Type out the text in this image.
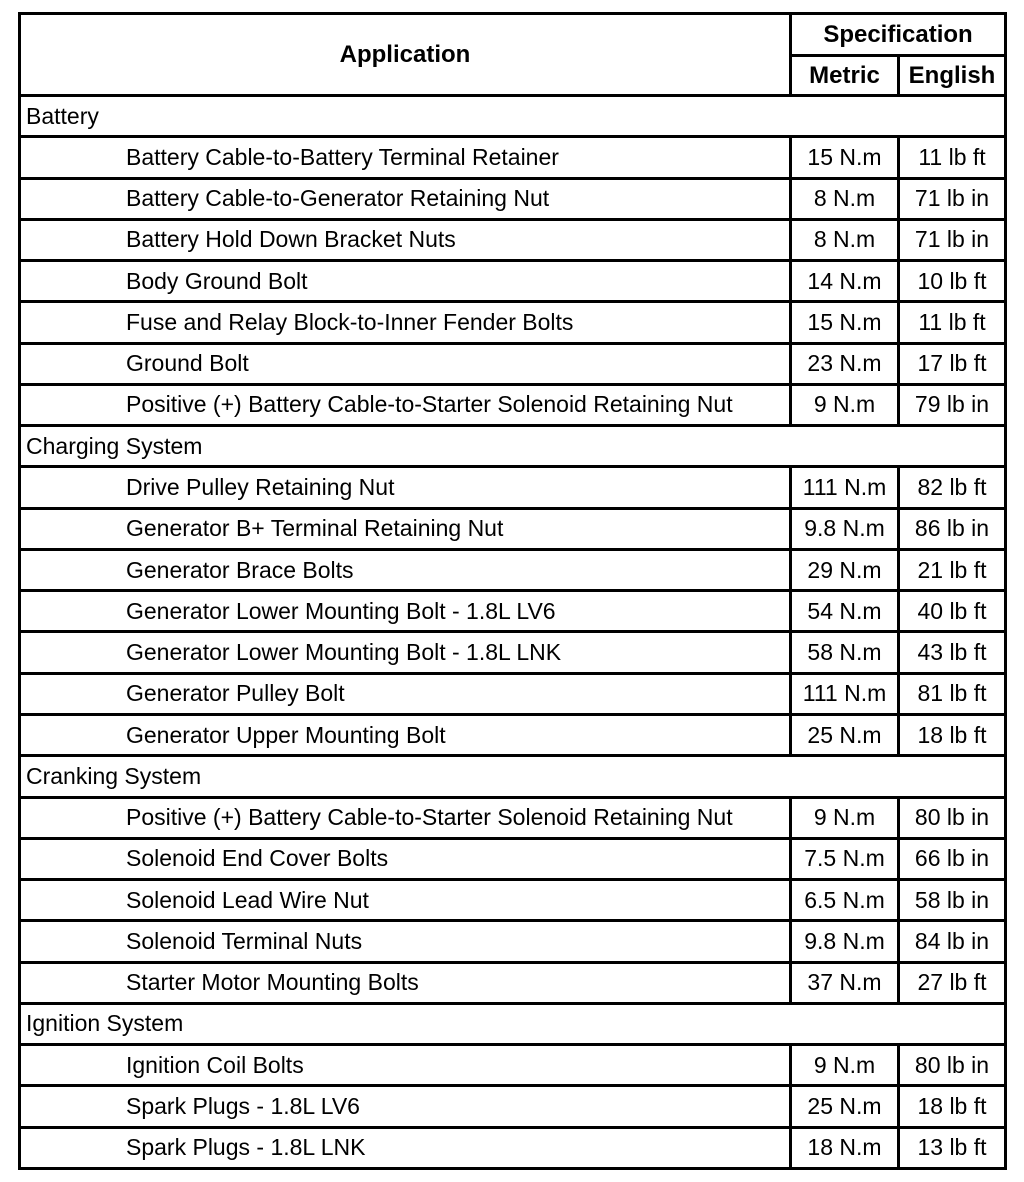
Application	Specification	
	Metric	English
Battery		
Battery Cable-to-Battery Terminal Retainer	15 N.m	11 lb ft
Battery Cable-to-Generator Retaining Nut	8 N.m	71 lb in
Battery Hold Down Bracket Nuts	8 N.m	71 lb in
Body Ground Bolt	14 N.m	10 lb ft
Fuse and Relay Block-to-Inner Fender Bolts	15 N.m	11 lb ft
Ground Bolt	23 N.m	17 lb ft
Positive (+) Battery Cable-to-Starter Solenoid Retaining Nut	9 N.m	79 lb in
Charging System		
Drive Pulley Retaining Nut	111 N.m	82 lb ft
Generator B+ Terminal Retaining Nut	9.8 N.m	86 lb in
Generator Brace Bolts	29 N.m	21 lb ft
Generator Lower Mounting Bolt - 1.8L LV6	54 N.m	40 lb ft
Generator Lower Mounting Bolt - 1.8L LNK	58 N.m	43 lb ft
Generator Pulley Bolt	111 N.m	81 lb ft
Generator Upper Mounting Bolt	25 N.m	18 lb ft
Cranking System		
Positive (+) Battery Cable-to-Starter Solenoid Retaining Nut	9 N.m	80 lb in
Solenoid End Cover Bolts	7.5 N.m	66 lb in
Solenoid Lead Wire Nut	6.5 N.m	58 lb in
Solenoid Terminal Nuts	9.8 N.m	84 lb in
Starter Motor Mounting Bolts	37 N.m	27 lb ft
Ignition System		
Ignition Coil Bolts	9 N.m	80 lb in
Spark Plugs - 1.8L LV6	25 N.m	18 lb ft
Spark Plugs - 1.8L LNK	18 N.m	13 lb ft
